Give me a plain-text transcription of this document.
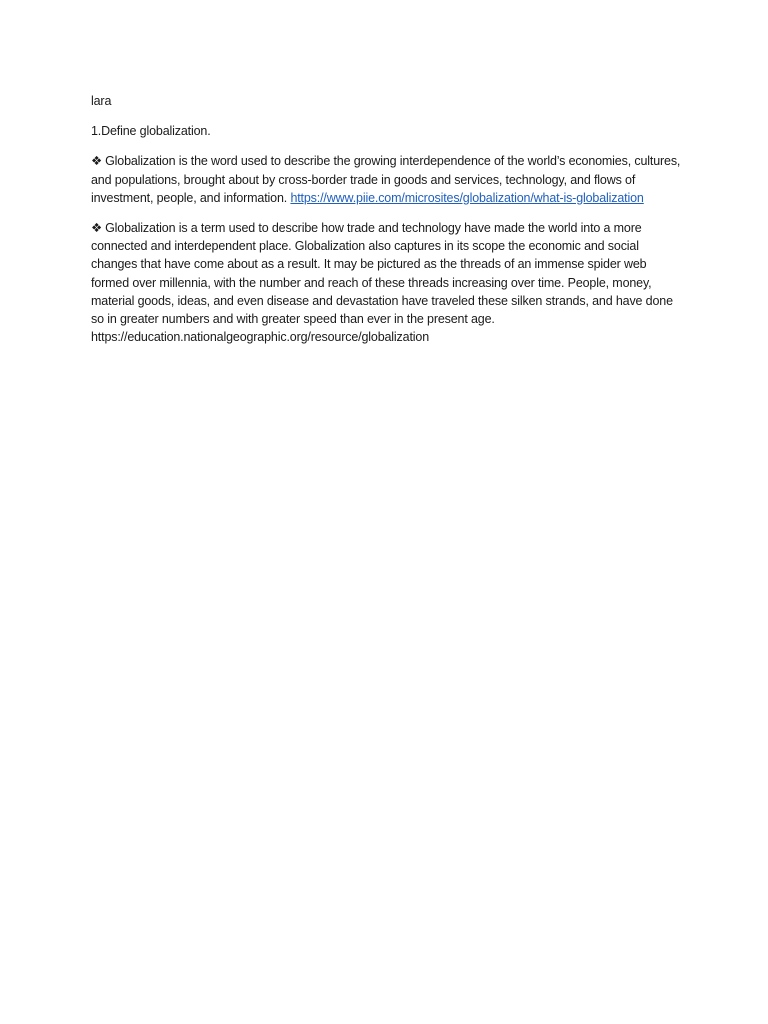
lara

1.Define globalization.

❖ Globalization is the word used to describe the growing interdependence of the world’s economies, cultures, and populations, brought about by cross-border trade in goods and services, technology, and flows of investment, people, and information. https://www.piie.com/microsites/globalization/what-is-globalization

❖ Globalization is a term used to describe how trade and technology have made the world into a more connected and interdependent place. Globalization also captures in its scope the economic and social changes that have come about as a result. It may be pictured as the threads of an immense spider web formed over millennia, with the number and reach of these threads increasing over time. People, money, material goods, ideas, and even disease and devastation have traveled these silken strands, and have done so in greater numbers and with greater speed than ever in the present age.
https://education.nationalgeographic.org/resource/globalization
